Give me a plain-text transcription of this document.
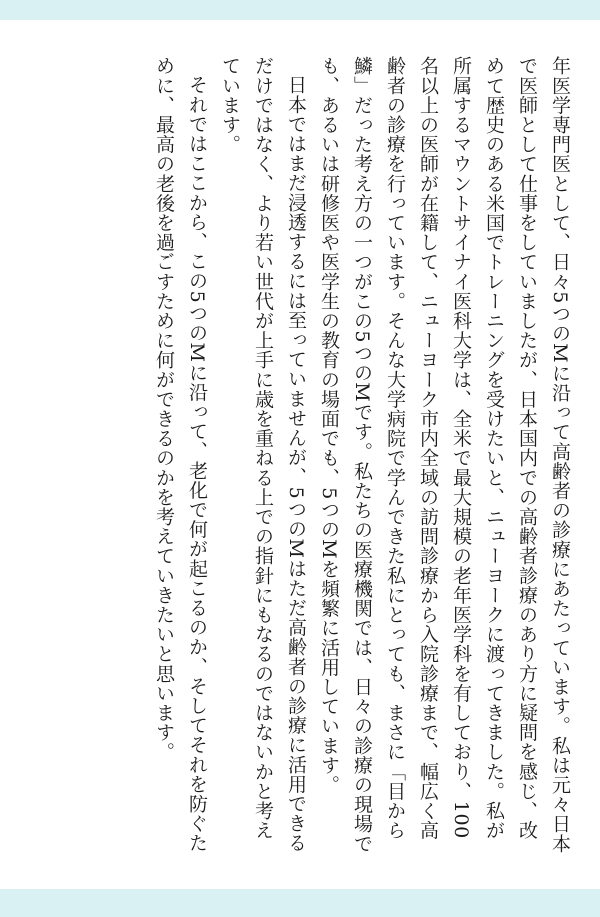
年医学専門医として、日々5つのMに沿って高齢者の診療にあたっています。私は元々日本で医師として仕事をしていましたが、日本国内での高齢者診療のあり方に疑問を感じ、改めて歴史のある米国でトレーニングを受けたいと、ニューヨークに渡ってきました。私が所属するマウントサイナイ医科大学は、全米で最大規模の老年医学科を有しており、100名以上の医師が在籍して、ニューヨーク市内全域の訪問診療から入院診療まで、幅広く高齢者の診療を行っています。そんな大学病院で学んできた私にとっても、まさに「目から鱗」だった考え方の一つがこの5つのMです。私たちの医療機関では、日々の診療の現場でも、あるいは研修医や医学生の教育の場面でも、5つのMを頻繁に活用しています。

日本ではまだ浸透するには至っていませんが、5つのMはただ高齢者の診療に活用できるだけではなく、より若い世代が上手に歳を重ねる上での指針にもなるのではないかと考えています。

それではここから、この5つのMに沿って、老化で何が起こるのか、そしてそれを防ぐために、最高の老後を過ごすために何ができるのかを考えていきたいと思います。
